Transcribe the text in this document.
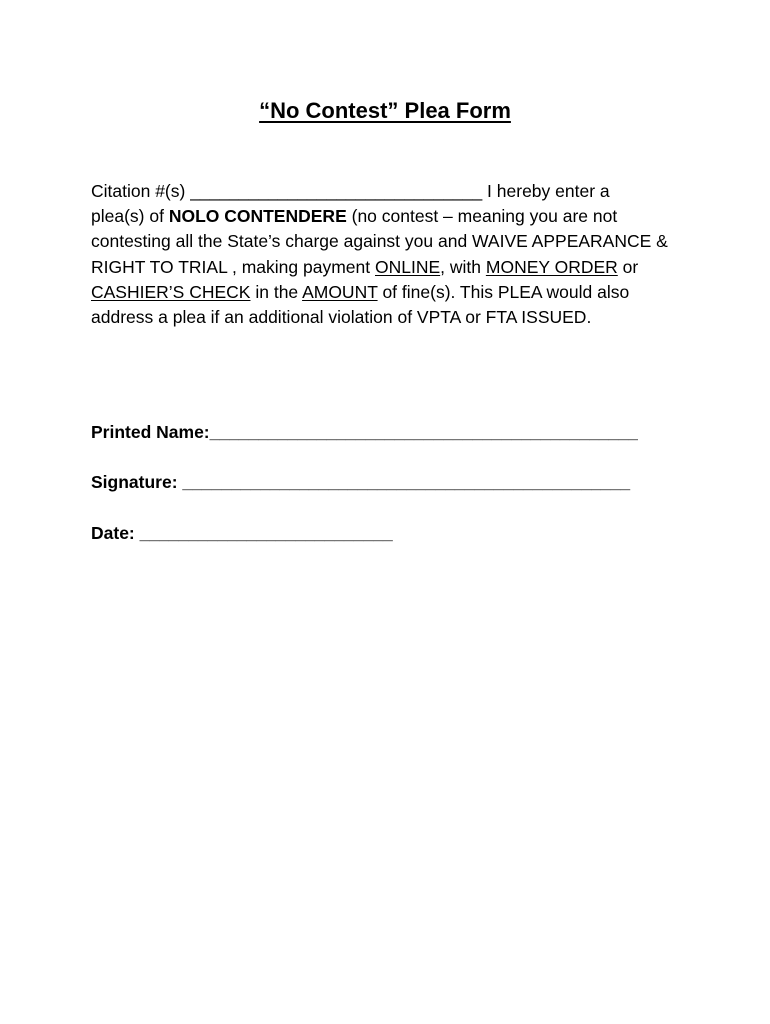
“No Contest” Plea Form
Citation #(s) ______________________________ I hereby enter a
plea(s) of NOLO CONTENDERE (no contest – meaning you are not
contesting all the State’s charge against you and WAIVE APPEARANCE &
RIGHT TO TRIAL , making payment ONLINE, with MONEY ORDER or
CASHIER’S CHECK in the AMOUNT of fine(s). This PLEA would also
address a plea if an additional violation of VPTA or FTA ISSUED.
Printed Name:____________________________________________
Signature: ______________________________________________
Date: __________________________
